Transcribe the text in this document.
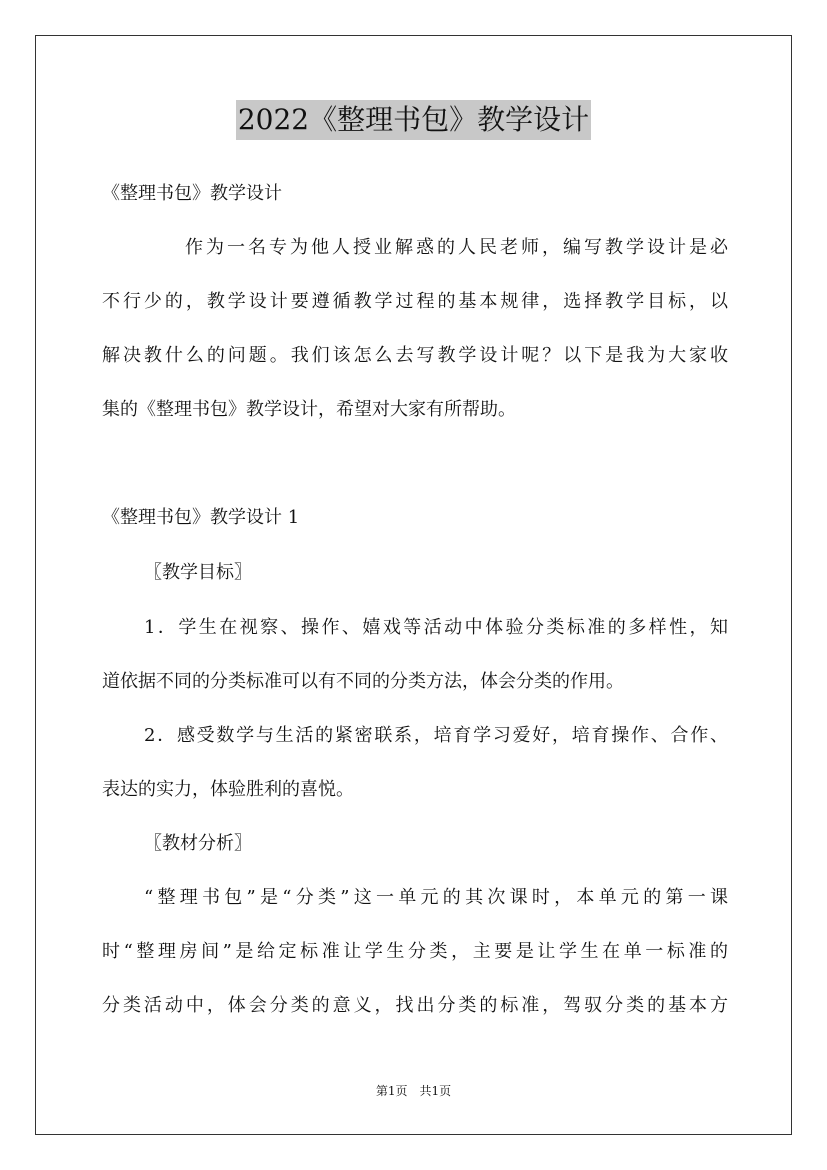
2022《整理书包》教学设计
《整理书包》教学设计
作为一名专为他人授业解惑的人民老师，编写教学设计是必
不行少的，教学设计要遵循教学过程的基本规律，选择教学目标，以
解决教什么的问题。我们该怎么去写教学设计呢？以下是我为大家收
集的《整理书包》教学设计，希望对大家有所帮助。
《整理书包》教学设计 1
〖教学目标〗
1．学生在视察、操作、嬉戏等活动中体验分类标准的多样性，知
道依据不同的分类标准可以有不同的分类方法，体会分类的作用。
2．感受数学与生活的紧密联系，培育学习爱好，培育操作、合作、
表达的实力，体验胜利的喜悦。
〖教材分析〗
“整理书包”是“分类”这一单元的其次课时，本单元的第一课
时“整理房间”是给定标准让学生分类，主要是让学生在单一标准的
分类活动中，体会分类的意义，找出分类的标准，驾驭分类的基本方
第1页　共1页
